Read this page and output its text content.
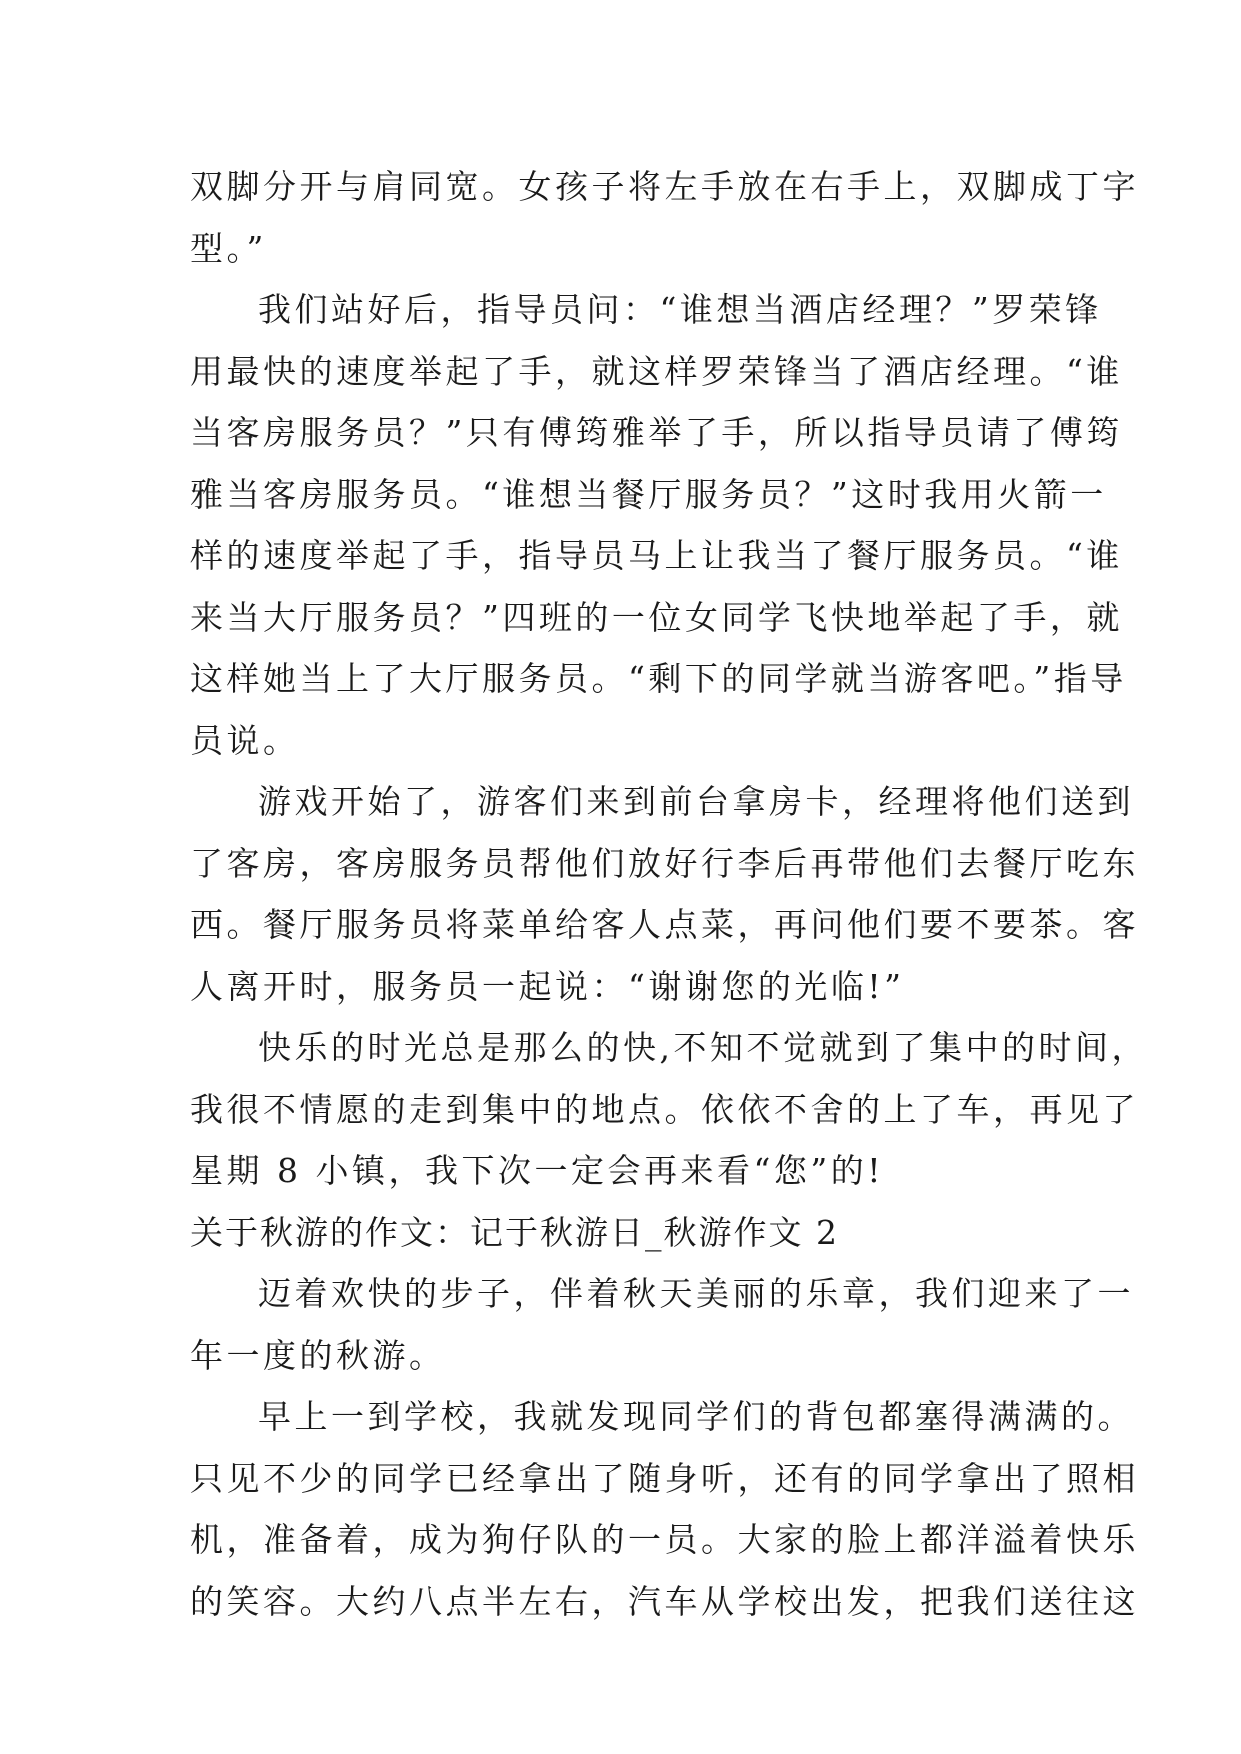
双脚分开与肩同宽。女孩子将左手放在右手上，双脚成丁字
型。”
我们站好后，指导员问：“谁想当酒店经理？”罗荣锋
用最快的速度举起了手，就这样罗荣锋当了酒店经理。“谁
当客房服务员？”只有傅筠雅举了手，所以指导员请了傅筠
雅当客房服务员。“谁想当餐厅服务员？”这时我用火箭一
样的速度举起了手，指导员马上让我当了餐厅服务员。“谁
来当大厅服务员？”四班的一位女同学飞快地举起了手，就
这样她当上了大厅服务员。“剩下的同学就当游客吧。”指导
员说。
游戏开始了，游客们来到前台拿房卡，经理将他们送到
了客房，客房服务员帮他们放好行李后再带他们去餐厅吃东
西。餐厅服务员将菜单给客人点菜，再问他们要不要茶。客
人离开时，服务员一起说：“谢谢您的光临!”
快乐的时光总是那么的快,不知不觉就到了集中的时间，
我很不情愿的走到集中的地点。依依不舍的上了车，再见了
星期 8 小镇，我下次一定会再来看“您”的!
关于秋游的作文：记于秋游日_秋游作文 2
迈着欢快的步子，伴着秋天美丽的乐章，我们迎来了一
年一度的秋游。
早上一到学校，我就发现同学们的背包都塞得满满的。
只见不少的同学已经拿出了随身听，还有的同学拿出了照相
机，准备着，成为狗仔队的一员。大家的脸上都洋溢着快乐
的笑容。大约八点半左右，汽车从学校出发，把我们送往这
